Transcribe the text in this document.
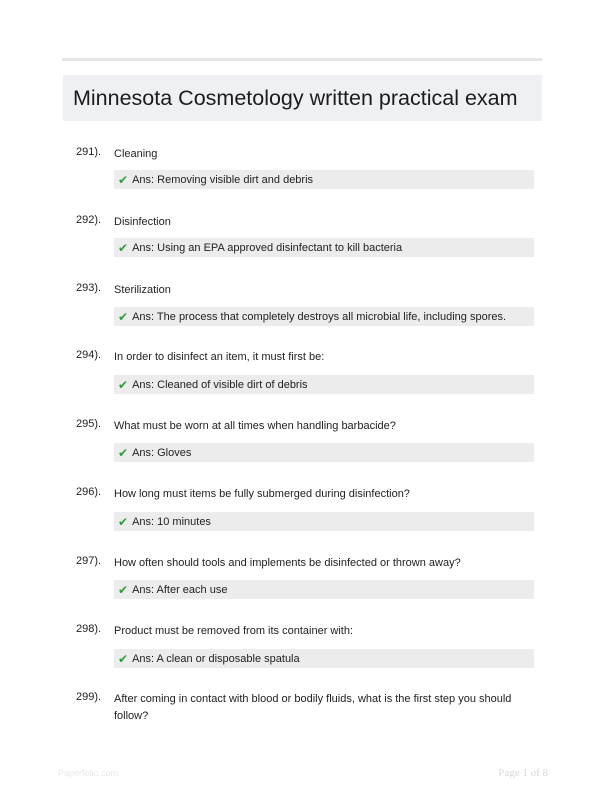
Minnesota Cosmetology written practical exam
291). Cleaning
✔ Ans: Removing visible dirt and debris
292). Disinfection
✔ Ans: Using an EPA approved disinfectant to kill bacteria
293). Sterilization
✔ Ans: The process that completely destroys all microbial life, including spores.
294). In order to disinfect an item, it must first be:
✔ Ans: Cleaned of visible dirt of debris
295). What must be worn at all times when handling barbacide?
✔ Ans: Gloves
296). How long must items be fully submerged during disinfection?
✔ Ans: 10 minutes
297). How often should tools and implements be disinfected or thrown away?
✔ Ans: After each use
298). Product must be removed from its container with:
✔ Ans: A clean or disposable spatula
299). After coming in contact with blood or bodily fluids, what is the first step you should follow?
Paperfolio.com	Page 1 of 8
